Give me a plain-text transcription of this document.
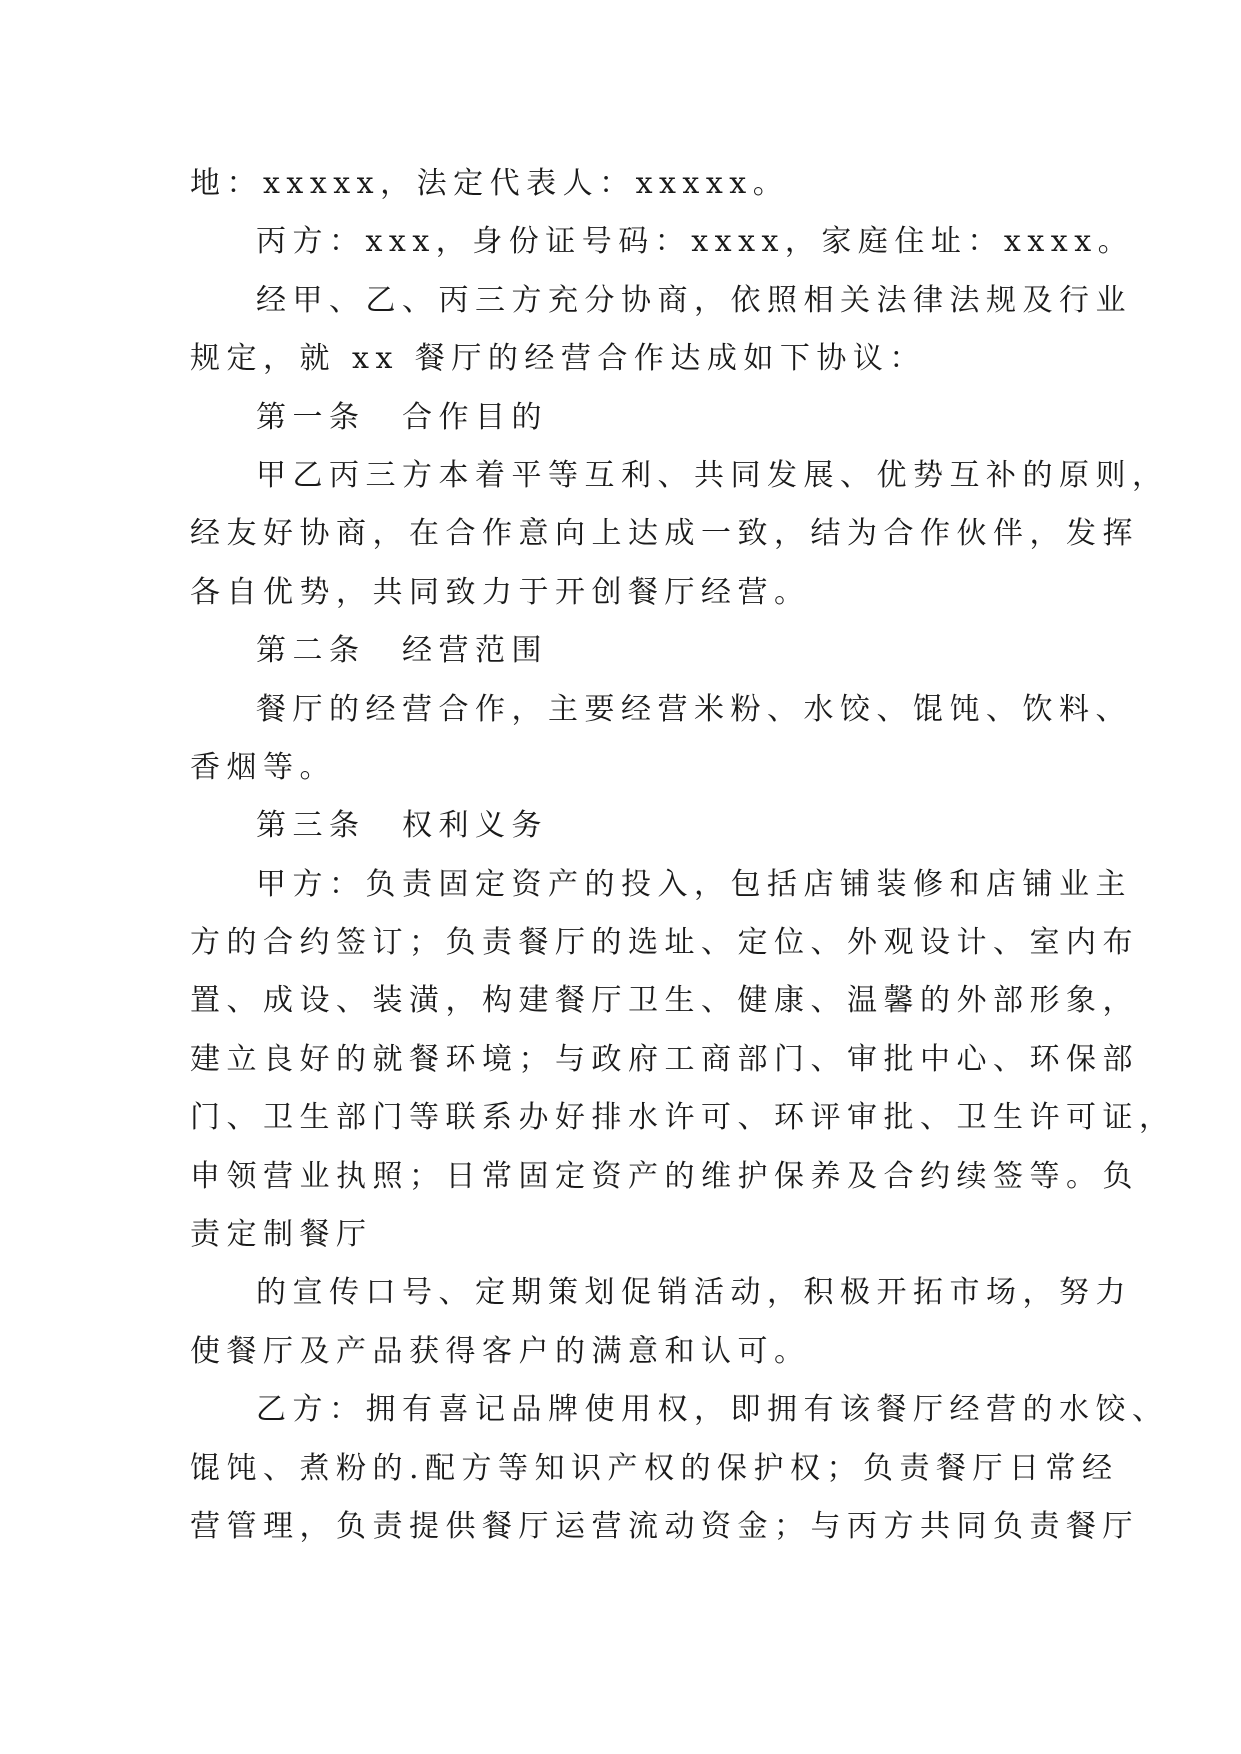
地：xxxxx，法定代表人：xxxxx。
丙方：xxx，身份证号码：xxxx，家庭住址：xxxx。
经甲、乙、丙三方充分协商，依照相关法律法规及行业
规定，就 xx 餐厅的经营合作达成如下协议：
第一条　合作目的
甲乙丙三方本着平等互利、共同发展、优势互补的原则，
经友好协商，在合作意向上达成一致，结为合作伙伴，发挥
各自优势，共同致力于开创餐厅经营。
第二条　经营范围
餐厅的经营合作，主要经营米粉、水饺、馄饨、饮料、
香烟等。
第三条　权利义务
甲方：负责固定资产的投入，包括店铺装修和店铺业主
方的合约签订；负责餐厅的选址、定位、外观设计、室内布
置、成设、装潢，构建餐厅卫生、健康、温馨的外部形象，
建立良好的就餐环境；与政府工商部门、审批中心、环保部
门、卫生部门等联系办好排水许可、环评审批、卫生许可证，
申领营业执照；日常固定资产的维护保养及合约续签等。负
责定制餐厅
的宣传口号、定期策划促销活动，积极开拓市场，努力
使餐厅及产品获得客户的满意和认可。
乙方：拥有喜记品牌使用权，即拥有该餐厅经营的水饺、
馄饨、煮粉的.配方等知识产权的保护权；负责餐厅日常经
营管理，负责提供餐厅运营流动资金；与丙方共同负责餐厅
